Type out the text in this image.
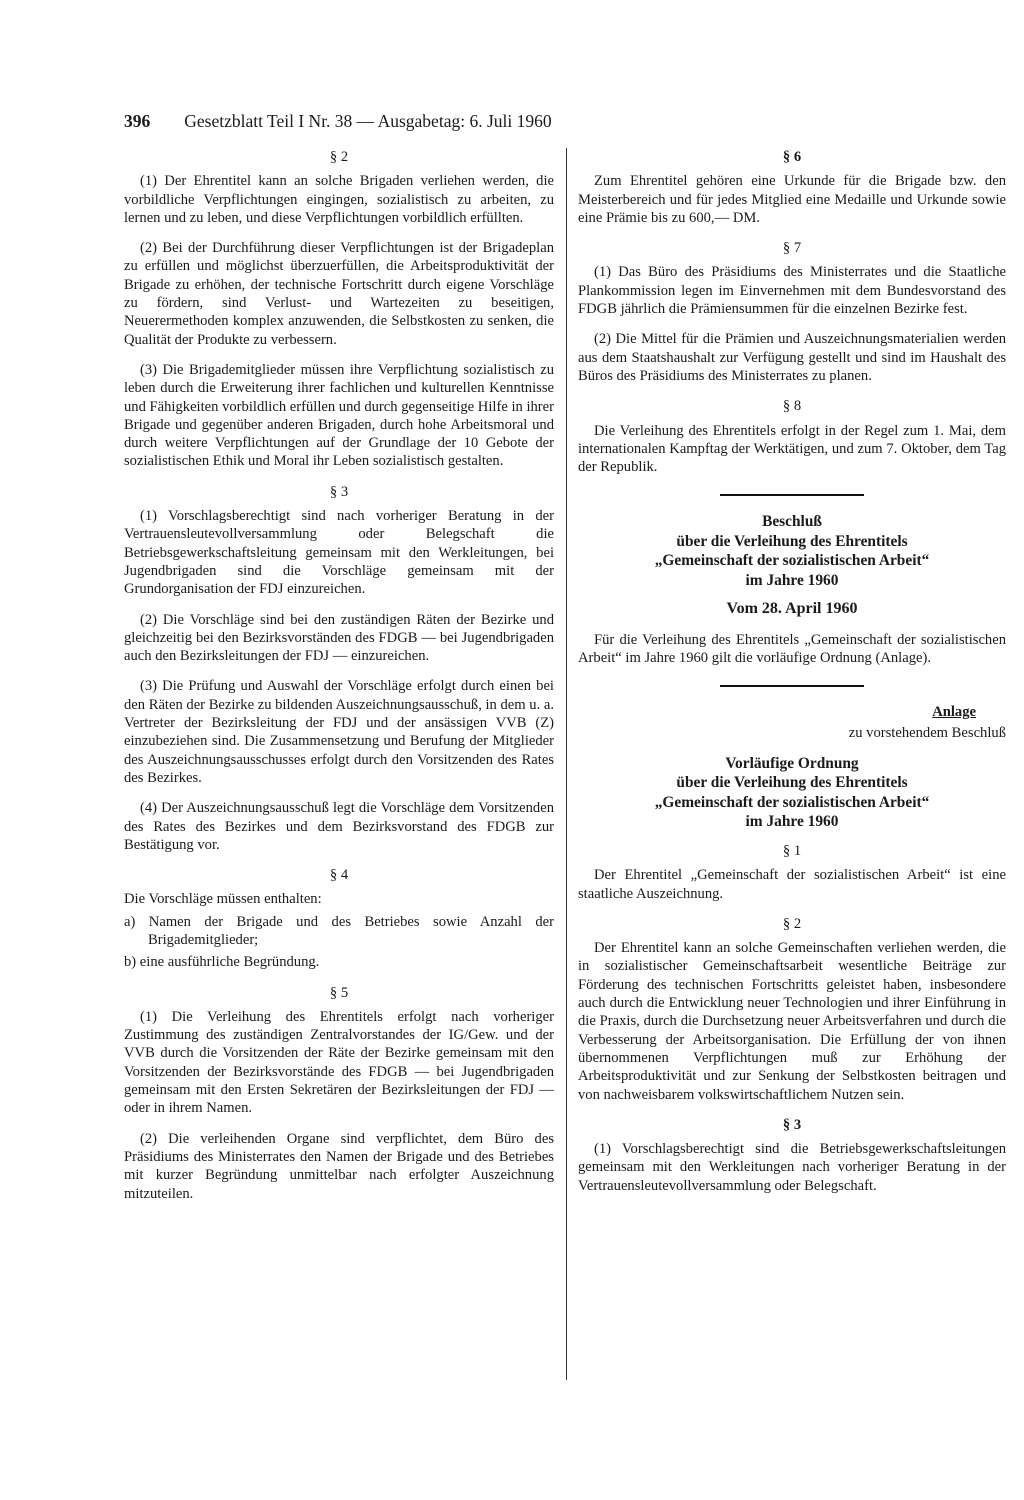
396 Gesetzblatt Teil I Nr. 38 — Ausgabetag: 6. Juli 1960
§ 2

(1) Der Ehrentitel kann an solche Brigaden verliehen werden, die vorbildliche Verpflichtungen eingingen, sozialistisch zu arbeiten, zu lernen und zu leben, und diese Verpflichtungen vorbildlich erfüllten.

(2) Bei der Durchführung dieser Verpflichtungen ist der Brigadeplan zu erfüllen und möglichst überzuerfüllen, die Arbeitsproduktivität der Brigade zu erhöhen, der technische Fortschritt durch eigene Vorschläge zu fördern, sind Verlust- und Wartezeiten zu beseitigen, Neuerermethoden komplex anzuwenden, die Selbstkosten zu senken, die Qualität der Produkte zu verbessern.

(3) Die Brigademitglieder müssen ihre Verpflichtung sozialistisch zu leben durch die Erweiterung ihrer fachlichen und kulturellen Kenntnisse und Fähigkeiten vorbildlich erfüllen und durch gegenseitige Hilfe in ihrer Brigade und gegenüber anderen Brigaden, durch hohe Arbeitsmoral und durch weitere Verpflichtungen auf der Grundlage der 10 Gebote der sozialistischen Ethik und Moral ihr Leben sozialistisch gestalten.

§ 3

(1) Vorschlagsberechtigt sind nach vorheriger Beratung in der Vertrauensleutevollversammlung oder Belegschaft die Betriebsgewerkschaftsleitung gemeinsam mit den Werkleitungen, bei Jugendbrigaden sind die Vorschläge gemeinsam mit der Grundorganisation der FDJ einzureichen.

(2) Die Vorschläge sind bei den zuständigen Räten der Bezirke und gleichzeitig bei den Bezirksvorständen des FDGB — bei Jugendbrigaden auch den Bezirksleitungen der FDJ — einzureichen.

(3) Die Prüfung und Auswahl der Vorschläge erfolgt durch einen bei den Räten der Bezirke zu bildenden Auszeichnungsausschuß, in dem u. a. Vertreter der Bezirksleitung der FDJ und der ansässigen VVB (Z) einzubeziehen sind. Die Zusammensetzung und Berufung der Mitglieder des Auszeichnungsausschusses erfolgt durch den Vorsitzenden des Rates des Bezirkes.

(4) Der Auszeichnungsausschuß legt die Vorschläge dem Vorsitzenden des Rates des Bezirkes und dem Bezirksvorstand des FDGB zur Bestätigung vor.

§ 4

Die Vorschläge müssen enthalten:

a) Namen der Brigade und des Betriebes sowie Anzahl der Brigademitglieder;
b) eine ausführliche Begründung.
§ 5

(1) Die Verleihung des Ehrentitels erfolgt nach vorheriger Zustimmung des zuständigen Zentralvorstandes der IG/Gew. und der VVB durch die Vorsitzenden der Räte der Bezirke gemeinsam mit den Vorsitzenden der Bezirksvorstände des FDGB — bei Jugendbrigaden gemeinsam mit den Ersten Sekretären der Bezirksleitungen der FDJ — oder in ihrem Namen.

(2) Die verleihenden Organe sind verpflichtet, dem Büro des Präsidiums des Ministerrates den Namen der Brigade und des Betriebes mit kurzer Begründung unmittelbar nach erfolgter Auszeichnung mitzuteilen.

§ 6

Zum Ehrentitel gehören eine Urkunde für die Brigade bzw. den Meisterbereich und für jedes Mitglied eine Medaille und Urkunde sowie eine Prämie bis zu 600,— DM.

§ 7

(1) Das Büro des Präsidiums des Ministerrates und die Staatliche Plankommission legen im Einvernehmen mit dem Bundesvorstand des FDGB jährlich die Prämiensummen für die einzelnen Bezirke fest.

(2) Die Mittel für die Prämien und Auszeichnungsmaterialien werden aus dem Staatshaushalt zur Verfügung gestellt und sind im Haushalt des Büros des Präsidiums des Ministerrates zu planen.

§ 8

Die Verleihung des Ehrentitels erfolgt in der Regel zum 1. Mai, dem internationalen Kampftag der Werktätigen, und zum 7. Oktober, dem Tag der Republik.

Beschluß
über die Verleihung des Ehrentitels
„Gemeinschaft der sozialistischen Arbeit“
im Jahre 1960
Vom 28. April 1960

Für die Verleihung des Ehrentitels „Gemeinschaft der sozialistischen Arbeit“ im Jahre 1960 gilt die vorläufige Ordnung (Anlage).

Anlage
zu vorstehendem Beschluß
Vorläufige Ordnung
über die Verleihung des Ehrentitels
„Gemeinschaft der sozialistischen Arbeit“
im Jahre 1960
§ 1

Der Ehrentitel „Gemeinschaft der sozialistischen Arbeit“ ist eine staatliche Auszeichnung.

§ 2

Der Ehrentitel kann an solche Gemeinschaften verliehen werden, die in sozialistischer Gemeinschaftsarbeit wesentliche Beiträge zur Förderung des technischen Fortschritts geleistet haben, insbesondere auch durch die Entwicklung neuer Technologien und ihrer Einführung in die Praxis, durch die Durchsetzung neuer Arbeitsverfahren und durch die Verbesserung der Arbeitsorganisation. Die Erfüllung der von ihnen übernommenen Verpflichtungen muß zur Erhöhung der Arbeitsproduktivität und zur Senkung der Selbstkosten beitragen und von nachweisbarem volkswirtschaftlichem Nutzen sein.

§ 3

(1) Vorschlagsberechtigt sind die Betriebsgewerkschaftsleitungen gemeinsam mit den Werkleitungen nach vorheriger Beratung in der Vertrauensleutevollversammlung oder Belegschaft.
